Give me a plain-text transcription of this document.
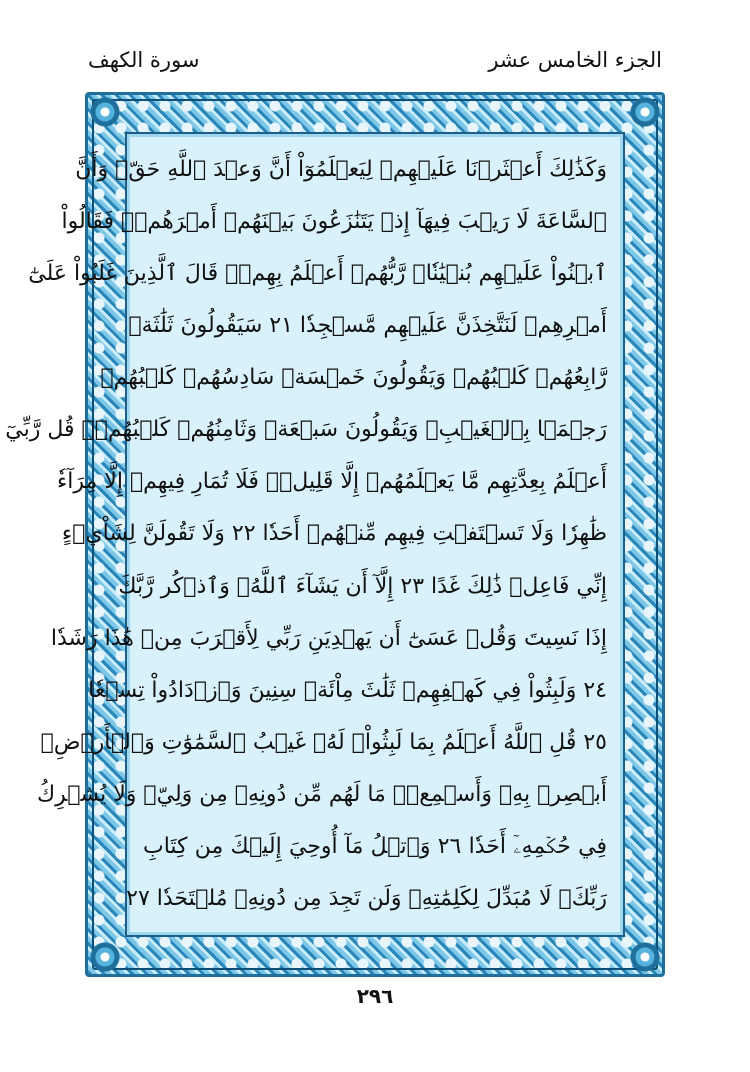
سورة الكهف	الجزء الخامس عشر
وَكَذَٰلِكَ أَعۡثَرۡنَا عَلَيۡهِمۡ لِيَعۡلَمُوٓاْ أَنَّ وَعۡدَ ٱللَّهِ حَقّٞ وَأَنَّ
ٱلسَّاعَةَ لَا رَيۡبَ فِيهَآ إِذۡ يَتَنَٰزَعُونَ بَيۡنَهُمۡ أَمۡرَهُمۡۖ فَقَالُواْ
ٱبۡنُواْ عَلَيۡهِم بُنۡيَٰنٗاۖ رَّبُّهُمۡ أَعۡلَمُ بِهِمۡۚ قَالَ ٱلَّذِينَ غَلَبُواْ عَلَىٰٓ
أَمۡرِهِمۡ لَنَتَّخِذَنَّ عَلَيۡهِم مَّسۡجِدٗا ٢١ سَيَقُولُونَ ثَلَٰثَةٞ
رَّابِعُهُمۡ كَلۡبُهُمۡ وَيَقُولُونَ خَمۡسَةٞ سَادِسُهُمۡ كَلۡبُهُمۡ
رَجۡمَۢا بِٱلۡغَيۡبِۖ وَيَقُولُونَ سَبۡعَةٞ وَثَامِنُهُمۡ كَلۡبُهُمۡۚ قُل رَّبِّيٓ
أَعۡلَمُ بِعِدَّتِهِم مَّا يَعۡلَمُهُمۡ إِلَّا قَلِيلٞۗ فَلَا تُمَارِ فِيهِمۡ إِلَّا مِرَآءٗ
ظَٰهِرٗا وَلَا تَسۡتَفۡتِ فِيهِم مِّنۡهُمۡ أَحَدٗا ٢٢ وَلَا تَقُولَنَّ لِشَاْيۡءٍ
إِنِّي فَاعِلٞ ذَٰلِكَ غَدًا ٢٣ إِلَّآ أَن يَشَآءَ ٱللَّهُۚ وَٱذۡكُر رَّبَّكَ
إِذَا نَسِيتَ وَقُلۡ عَسَىٰٓ أَن يَهۡدِيَنِ رَبِّي لِأَقۡرَبَ مِنۡ هَٰذَا رَشَدٗا
٢٤ وَلَبِثُواْ فِي كَهۡفِهِمۡ ثَلَٰثَ مِاْئَةٖ سِنِينَ وَٱزۡدَادُواْ تِسۡعٗا
٢٥ قُلِ ٱللَّهُ أَعۡلَمُ بِمَا لَبِثُواْۖ لَهُۥ غَيۡبُ ٱلسَّمَٰوَٰتِ وَٱلۡأَرۡضِۖ
أَبۡصِرۡ بِهِۦ وَأَسۡمِعۡۚ مَا لَهُم مِّن دُونِهِۦ مِن وَلِيّٖ وَلَا يُشۡرِكُ
فِي حُكۡمِهِۦٓ أَحَدٗا ٢٦ وَٱتۡلُ مَآ أُوحِيَ إِلَيۡكَ مِن كِتَابِ
رَبِّكَۖ لَا مُبَدِّلَ لِكَلِمَٰتِهِۦ وَلَن تَجِدَ مِن دُونِهِۦ مُلۡتَحَدٗا ٢٧
٢٩٦
